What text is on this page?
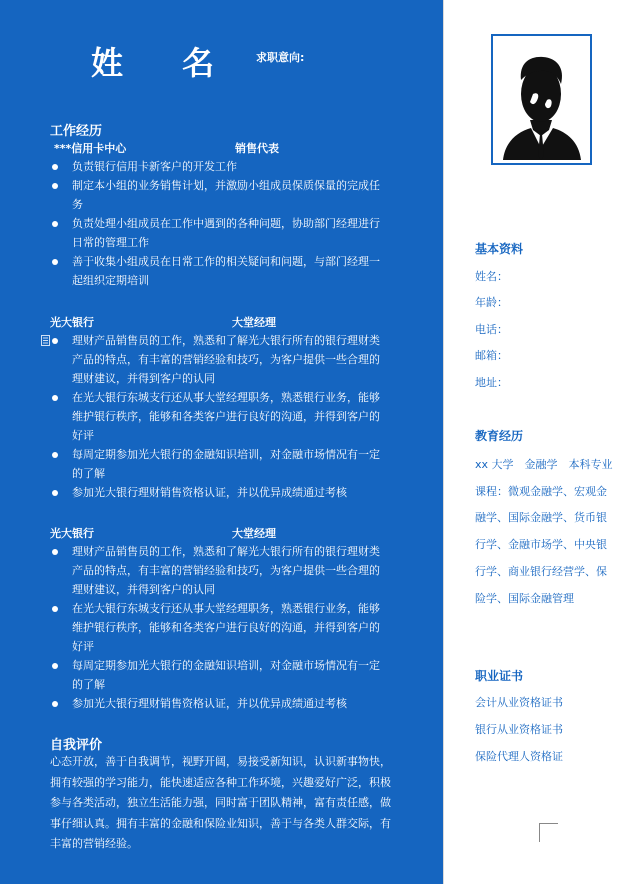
姓 名 求职意向:
工作经历
***信用卡中心	销售代表
负责银行信用卡新客户的开发工作
制定本小组的业务销售计划，并激励小组成员保质保量的完成任务
负责处理小组成员在工作中遇到的各种问题，协助部门经理进行日常的管理工作
善于收集小组成员在日常工作的相关疑问和问题，与部门经理一起组织定期培训
光大银行	大堂经理
理财产品销售员的工作，熟悉和了解光大银行所有的银行理财类产品的特点，有丰富的营销经验和技巧，为客户提供一些合理的 理财建议，并得到客户的认同
在光大银行东城支行还从事大堂经理职务，熟悉银行业务，能够维护银行秩序，能够和各类客户进行良好的沟通，并得到客户的好评
每周定期参加光大银行的金融知识培训，对金融市场情况有一定的了解
参加光大银行理财销售资格认证，并以优异成绩通过考核
光大银行	大堂经理
理财产品销售员的工作，熟悉和了解光大银行所有的银行理财类产品的特点，有丰富的营销经验和技巧，为客户提供一些合理的 理财建议，并得到客户的认同
在光大银行东城支行还从事大堂经理职务，熟悉银行业务，能够维护银行秩序，能够和各类客户进行良好的沟通，并得到客户的好评
每周定期参加光大银行的金融知识培训，对金融市场情况有一定的了解
参加光大银行理财销售资格认证，并以优异成绩通过考核
自我评价
心态开放，善于自我调节，视野开阔，易接受新知识，认识新事物快，拥有较强的学习能力，能快速适应各种工作环境，兴趣爱好广泛，积极参与各类活动，独立生活能力强，同时富于团队精神，富有责任感，做事仔细认真。拥有丰富的金融和保险业知识，善于与各类人群交际，有丰富的营销经验。
基本资料
姓名：
年龄：
电话：
邮箱：
地址：
教育经历
xx 大学　金融学　本科专业课程：微观金融学、宏观金融学、国际金融学、货币银行学、金融市场学、中央银行学、商业银行经营学、保险学、国际金融管理
职业证书
会计从业资格证书
银行从业资格证书
保险代理人资格证
